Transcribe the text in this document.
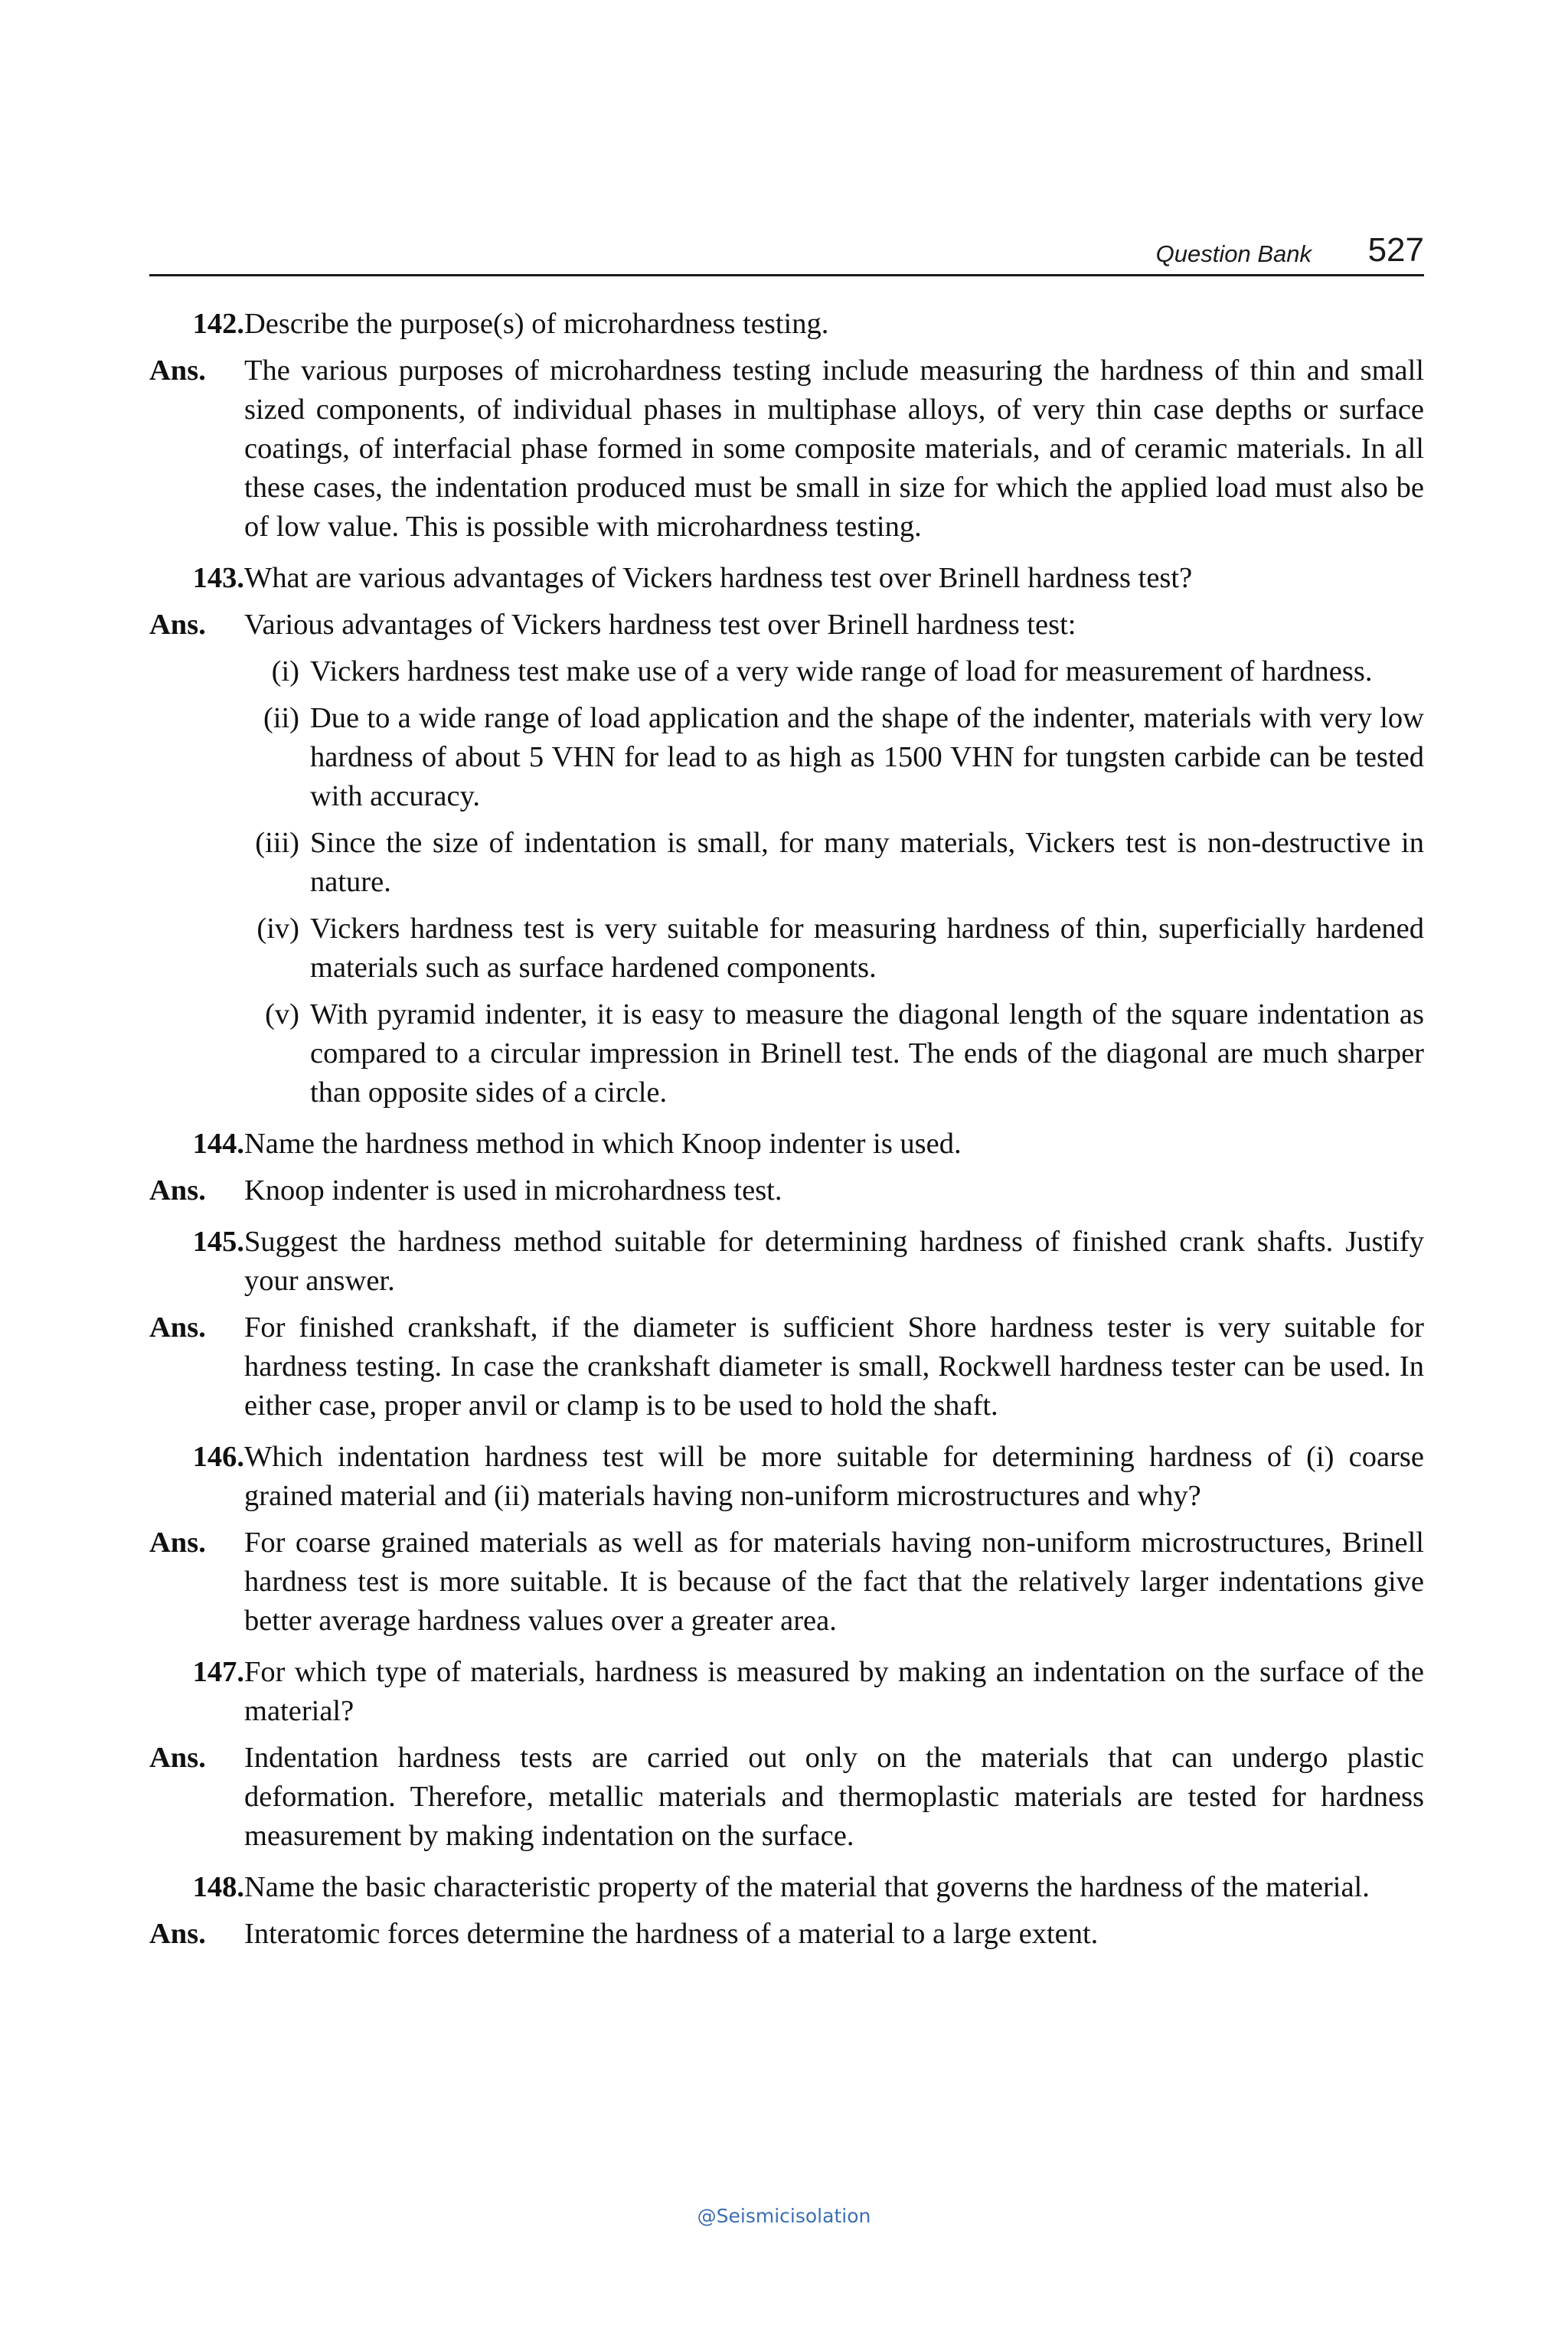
Question Bank 527
142. Describe the purpose(s) of microhardness testing.
Ans.	The various purposes of microhardness testing include measuring the hardness of thin and small sized components, of individual phases in multiphase alloys, of very thin case depths or surface coatings, of interfacial phase formed in some composite materials, and of ceramic materials. In all these cases, the indentation produced must be small in size for which the applied load must also be of low value. This is possible with microhardness testing.
143. What are various advantages of Vickers hardness test over Brinell hardness test?
Ans.	Various advantages of Vickers hardness test over Brinell hardness test:
(i) Vickers hardness test make use of a very wide range of load for measurement of hardness.
(ii) Due to a wide range of load application and the shape of the indenter, materials with very low hardness of about 5 VHN for lead to as high as 1500 VHN for tungsten carbide can be tested with accuracy.
(iii) Since the size of indentation is small, for many materials, Vickers test is non-destructive in nature.
(iv) Vickers hardness test is very suitable for measuring hardness of thin, superficially hardened materials such as surface hardened components.
(v) With pyramid indenter, it is easy to measure the diagonal length of the square indentation as compared to a circular impression in Brinell test. The ends of the diagonal are much sharper than opposite sides of a circle.
144. Name the hardness method in which Knoop indenter is used.
Ans.	Knoop indenter is used in microhardness test.
145. Suggest the hardness method suitable for determining hardness of finished crank shafts. Justify your answer.
Ans.	For finished crankshaft, if the diameter is sufficient Shore hardness tester is very suitable for hardness testing. In case the crankshaft diameter is small, Rockwell hardness tester can be used. In either case, proper anvil or clamp is to be used to hold the shaft.
146. Which indentation hardness test will be more suitable for determining hardness of (i) coarse grained material and (ii) materials having non-uniform microstructures and why?
Ans.	For coarse grained materials as well as for materials having non-uniform microstructures, Brinell hardness test is more suitable. It is because of the fact that the relatively larger indentations give better average hardness values over a greater area.
147. For which type of materials, hardness is measured by making an indentation on the surface of the material?
Ans.	Indentation hardness tests are carried out only on the materials that can undergo plastic deformation. Therefore, metallic materials and thermoplastic materials are tested for hardness measurement by making indentation on the surface.
148. Name the basic characteristic property of the material that governs the hardness of the material.
Ans.	Interatomic forces determine the hardness of a material to a large extent.
@Seismicisolation
